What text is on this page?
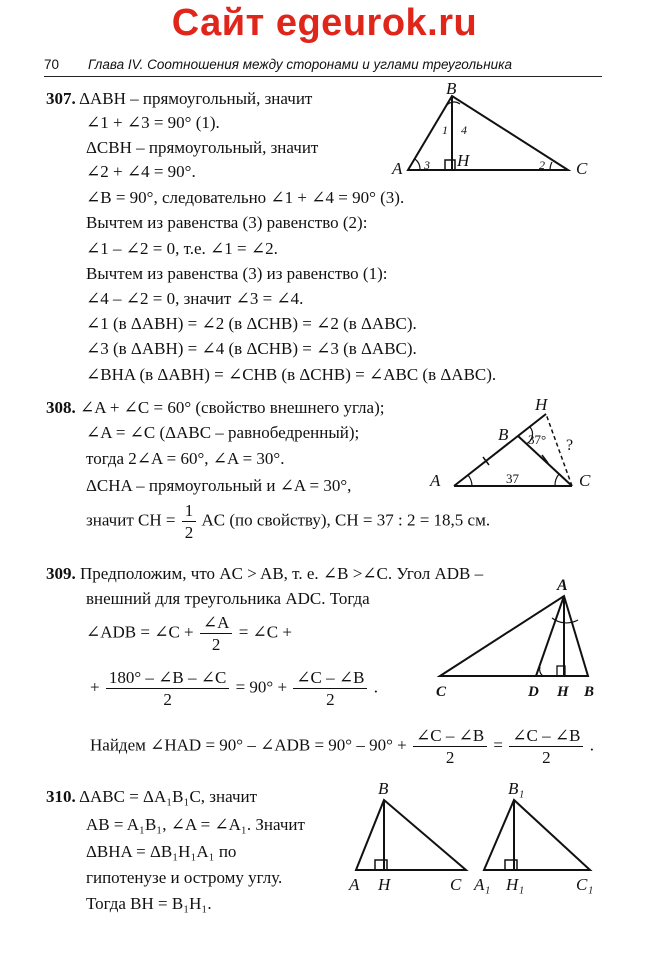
Сайт egeurok.ru
70 Глава IV. Соотношения между сторонами и углами треугольника
307. ΔABH – прямоугольный, значит
∠1 + ∠3 = 90° (1).
ΔCBH – прямоугольный, значит
∠2 + ∠4 = 90°.
∠B = 90°, следовательно ∠1 + ∠4 = 90° (3).
Вычтем из равенства (3) равенство (2):
∠1 – ∠2 = 0, т.е. ∠1 = ∠2.
Вычтем из равенства (3) из равенство (1):
∠4 – ∠2 = 0, значит ∠3 = ∠4.
∠1 (в ΔABH) = ∠2 (в ΔCHB) = ∠2 (в ΔABC).
∠3 (в ΔABH) = ∠4 (в ΔCHB) = ∠3 (в ΔABC).
∠BHA (в ΔABH) = ∠CHB (в ΔCHB) = ∠ABC (в ΔABC).
B
A	H	C
1 4
3	2
308. ∠A + ∠C = 60° (свойство внешнего угла);
∠A = ∠C (ΔABC – равнобедренный);
тогда 2∠A = 60°, ∠A = 30°.
ΔCHA – прямоугольный и ∠A = 30°,
значит CH = $\frac{1}{2}$ AC (по свойству), CH = 37 : 2 = 18,5 см.
H
B
A	C
37° ?
37
309. Предположим, что AC > AB, т. е. ∠B >∠C. Угол ADB –
внешний для треугольника ADC. Тогда
∠ADB = ∠C + $\frac{\angle A}{2}$ = ∠C +
+ $\frac{180^\circ - \angle B - \angle C}{2} = 90^\circ + \frac{\angle C - \angle B}{2}$ .
Найдем ∠HAD = 90° – ∠ADB = $90^\circ - 90^\circ + \frac{\angle C - \angle B}{2} = \frac{\angle C - \angle B}{2}$ .
A
C	D H B
310. ΔABC = ΔA₁B₁C, значит
AB = A₁B₁, ∠A = ∠A₁. Значит
ΔBHA = ΔB₁H₁A₁ по
гипотенузе и острому углу.
Тогда BH = B₁H₁.
B
A H	C
B₁
A₁ H₁	C₁
